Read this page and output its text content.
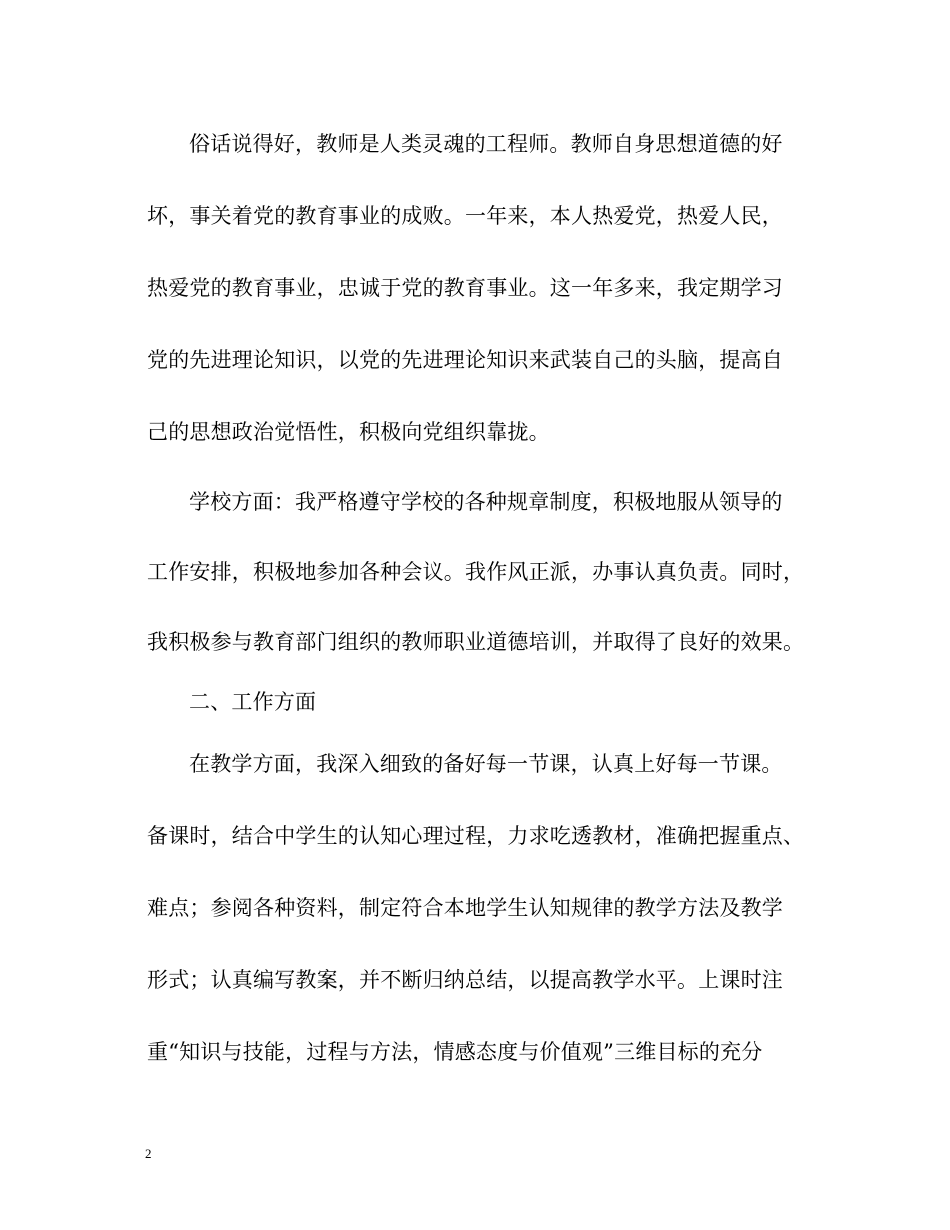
俗话说得好，教师是人类灵魂的工程师。教师自身思想道德的好
坏，事关着党的教育事业的成败。一年来，本人热爱党，热爱人民，
热爱党的教育事业，忠诚于党的教育事业。这一年多来，我定期学习
党的先进理论知识，以党的先进理论知识来武装自己的头脑，提高自
己的思想政治觉悟性，积极向党组织靠拢。
学校方面：我严格遵守学校的各种规章制度，积极地服从领导的
工作安排，积极地参加各种会议。我作风正派，办事认真负责。同时，
我积极参与教育部门组织的教师职业道德培训，并取得了良好的效果。
二、工作方面
在教学方面，我深入细致的备好每一节课，认真上好每一节课。
备课时，结合中学生的认知心理过程，力求吃透教材，准确把握重点、
难点；参阅各种资料，制定符合本地学生认知规律的教学方法及教学
形式；认真编写教案，并不断归纳总结，以提高教学水平。上课时注
重“知识与技能，过程与方法，情感态度与价值观”三维目标的充分
2
